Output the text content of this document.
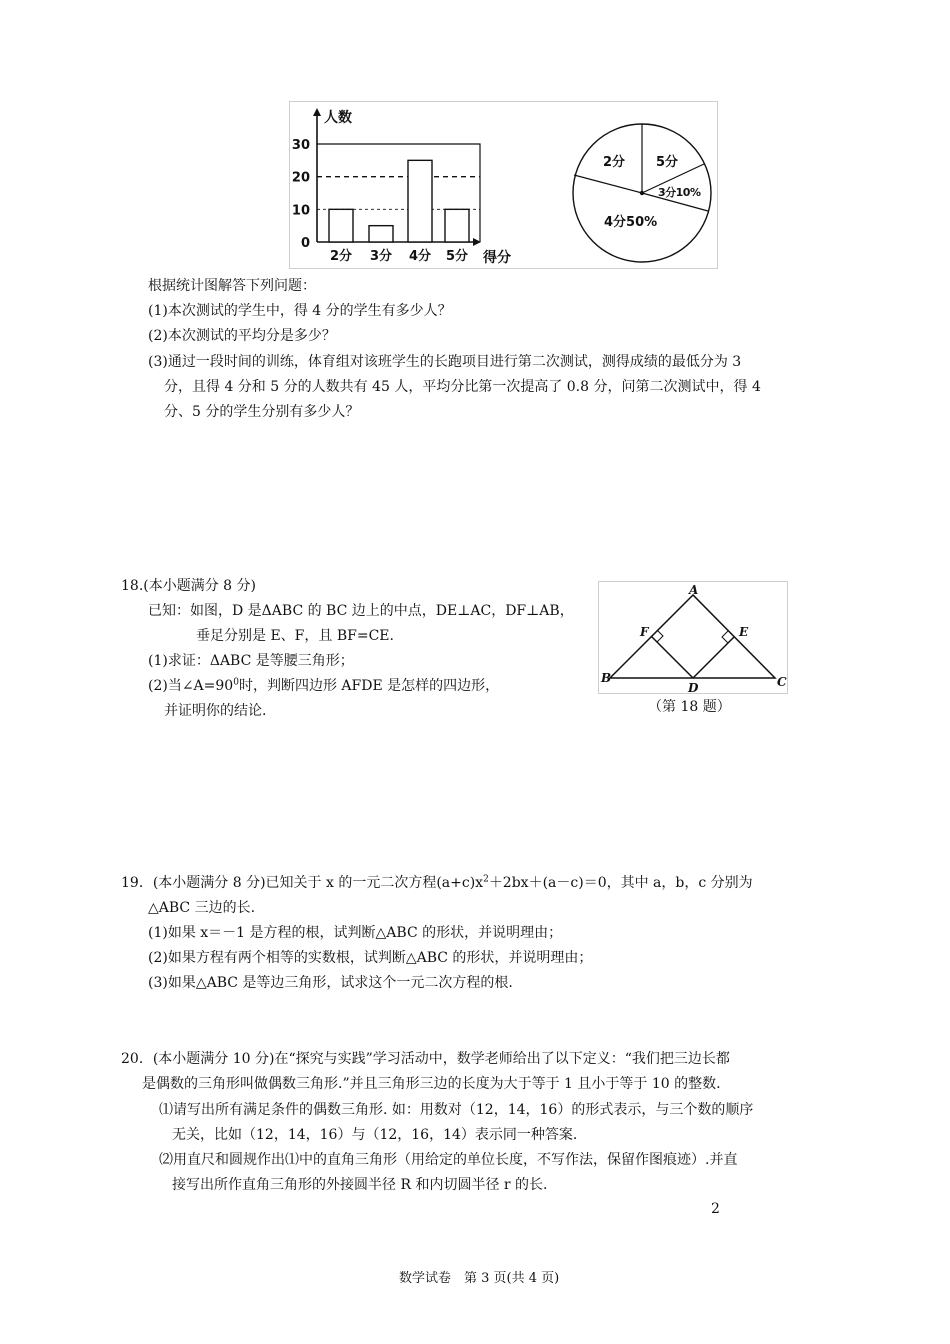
0
10
20
30
2分 3分 4分 5分
人数
得分
2分 5分
3分10%
4分50%
根据统计图解答下列问题：
(1)本次测试的学生中，得 4 分的学生有多少人？
(2)本次测试的平均分是多少？
(3)通过一段时间的训练，体育组对该班学生的长跑项目进行第二次测试，测得成绩的最低分为 3
分，且得 4 分和 5 分的人数共有 45 人，平均分比第一次提高了 0.8 分，问第二次测试中，得 4
分、5 分的学生分别有多少人？
18.(本小题满分 8 分)
已知：如图，D 是ΔABC 的 BC 边上的中点，DE⊥AC，DF⊥AB，
垂足分别是 E、F，且 BF=CE.
(1)求证：ΔABC 是等腰三角形；
(2)当$\angle A=90^0$时，判断四边形 AFDE 是怎样的四边形，
并证明你的结论.
A
B	C
D
E
F
（第 18 题）
19．(本小题满分 8 分)已知关于 x 的一元二次方程$(a+c)x^2+2bx+(a-c)=0$，其中 a，b，c 分别为
△ABC 三边的长.
(1)如果 x＝－1 是方程的根，试判断△ABC 的形状，并说明理由；
(2)如果方程有两个相等的实数根，试判断△ABC 的形状，并说明理由；
(3)如果△ABC 是等边三角形，试求这个一元二次方程的根.
20．(本小题满分 10 分)在“探究与实践”学习活动中，数学老师给出了以下定义：“我们把三边长都
是偶数的三角形叫做偶数三角形.”并且三角形三边的长度为大于等于 1 且小于等于 10 的整数.
⑴请写出所有满足条件的偶数三角形. 如：用数对（12，14，16）的形式表示，与三个数的顺序
无关，比如（12，14，16）与（12，16，14）表示同一种答案.
⑵用直尺和圆规作出⑴中的直角三角形（用给定的单位长度，不写作法，保留作图痕迹）.并直
接写出所作直角三角形的外接圆半径 R 和内切圆半径 r 的长.
2
数学试卷　第 3 页(共 4 页)
